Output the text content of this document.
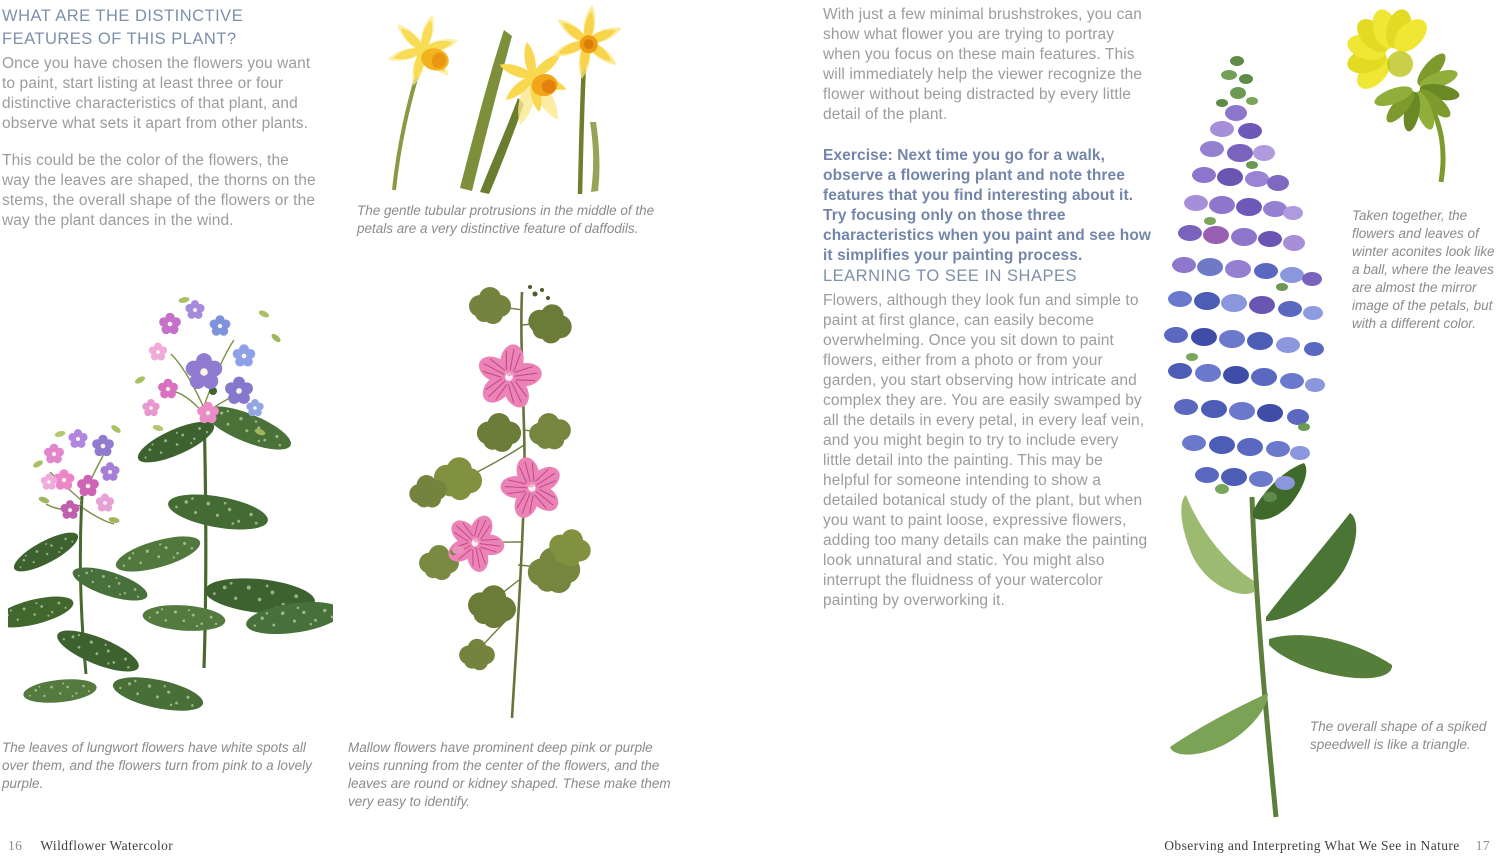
WHAT ARE THE DISTINCTIVE FEATURES OF THIS PLANT?
Once you have chosen the flowers you want to paint, start listing at least three or four distinctive characteristics of that plant, and observe what sets it apart from other plants.
This could be the color of the flowers, the way the leaves are shaped, the thorns on the stems, the overall shape of the flowers or the way the plant dances in the wind.
The gentle tubular protrusions in the middle of the petals are a very distinctive feature of daffodils.
The leaves of lungwort flowers have white spots all over them, and the flowers turn from pink to a lovely purple.
Mallow flowers have prominent deep pink or purple veins running from the center of the flowers, and the leaves are round or kidney shaped. These make them very easy to identify.
With just a few minimal brushstrokes, you can show what flower you are trying to portray when you focus on these main features. This will immediately help the viewer recognize the flower without being distracted by every little detail of the plant.
Exercise: Next time you go for a walk, observe a flowering plant and note three features that you find interesting about it. Try focusing only on those three characteristics when you paint and see how it simplifies your painting process.
LEARNING TO SEE IN SHAPES
Flowers, although they look fun and simple to paint at first glance, can easily become overwhelming. Once you sit down to paint flowers, either from a photo or from your garden, you start observing how intricate and complex they are. You are easily swamped by all the details in every petal, in every leaf vein, and you might begin to try to include every little detail into the painting. This may be helpful for someone intending to show a detailed botanical study of the plant, but when you want to paint loose, expressive flowers, adding too many details can make the painting look unnatural and static. You might also interrupt the fluidness of your watercolor painting by overworking it.
Taken together, the flowers and leaves of winter aconites look like a ball, where the leaves are almost the mirror image of the petals, but with a different color.
The overall shape of a spiked speedwell is like a triangle.
16 Wildflower Watercolor	Observing and Interpreting What We See in Nature 17
